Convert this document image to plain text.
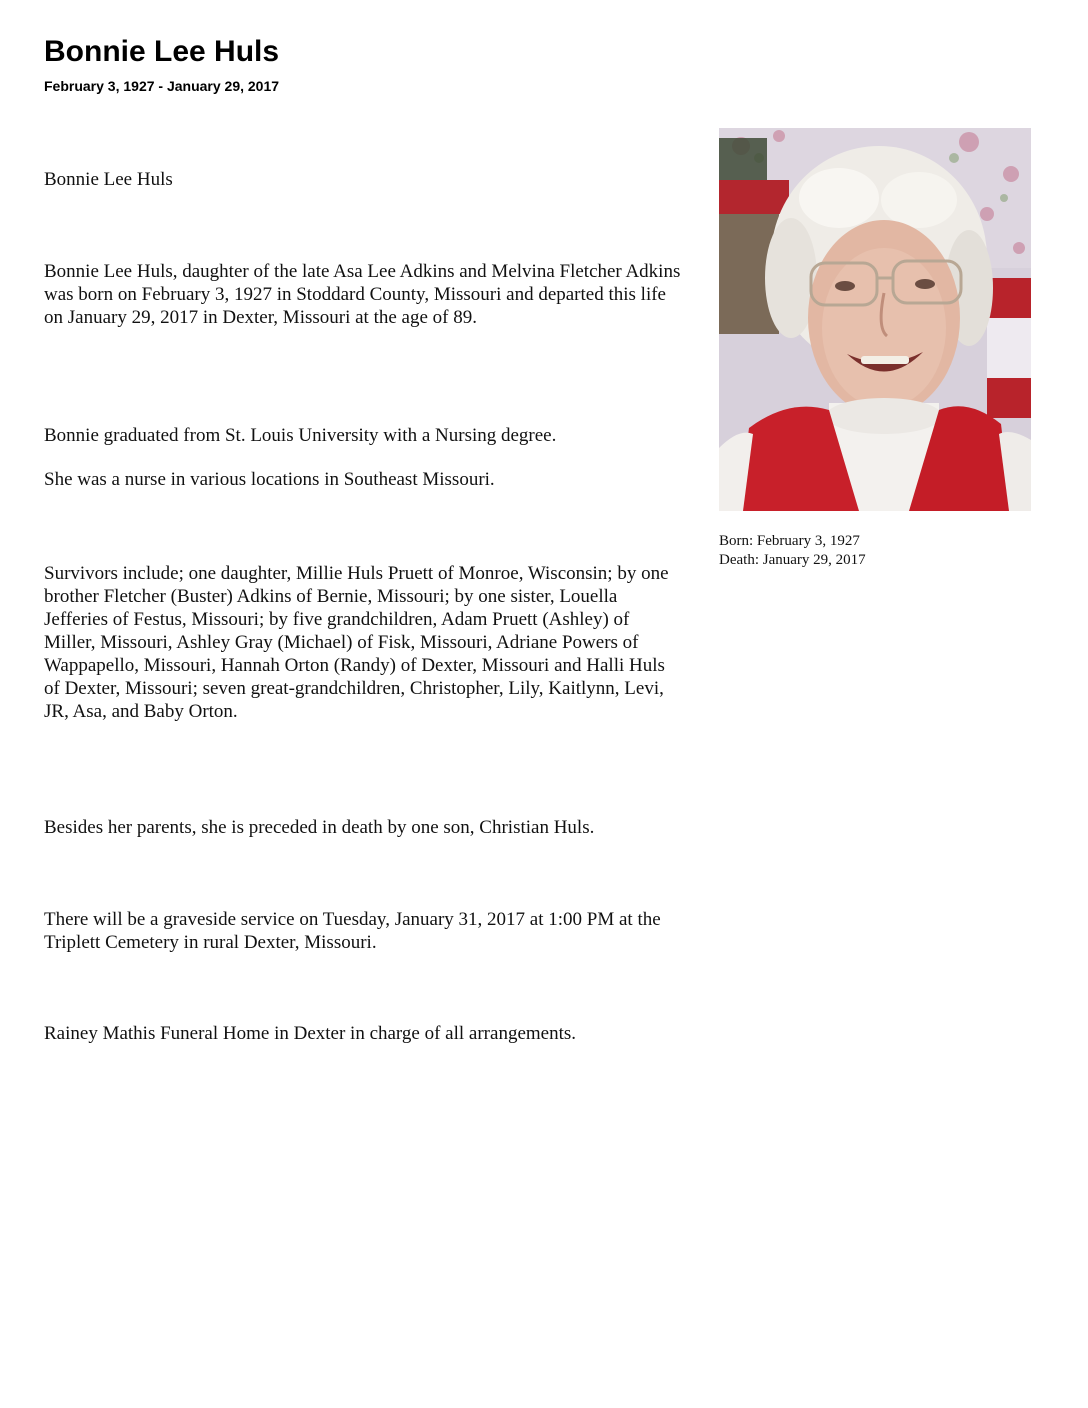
Bonnie Lee Huls
February 3, 1927 - January 29, 2017

Bonnie Lee Huls

Bonnie Lee Huls, daughter of the late Asa Lee Adkins and Melvina Fletcher Adkins was born on February 3, 1927 in Stoddard County, Missouri and departed this life on January 29, 2017 in Dexter, Missouri at the age of 89.

Bonnie graduated from St. Louis University with a Nursing degree.

She was a nurse in various locations in Southeast Missouri.

Survivors include; one daughter, Millie Huls Pruett of Monroe, Wisconsin; by one brother Fletcher (Buster) Adkins of Bernie, Missouri; by one sister, Louella Jefferies of Festus, Missouri; by five grandchildren, Adam Pruett (Ashley) of Miller, Missouri, Ashley Gray (Michael) of Fisk, Missouri, Adriane Powers of Wappapello, Missouri, Hannah Orton (Randy) of Dexter, Missouri and Halli Huls of Dexter, Missouri; seven great-grandchildren, Christopher, Lily, Kaitlynn, Levi, JR, Asa, and Baby Orton.

Besides her parents, she is preceded in death by one son, Christian Huls.

There will be a graveside service on Tuesday, January 31, 2017 at 1:00 PM at the Triplett Cemetery in rural Dexter, Missouri.

Rainey Mathis Funeral Home in Dexter in charge of all arrangements.

Born: February 3, 1927
Death: January 29, 2017
